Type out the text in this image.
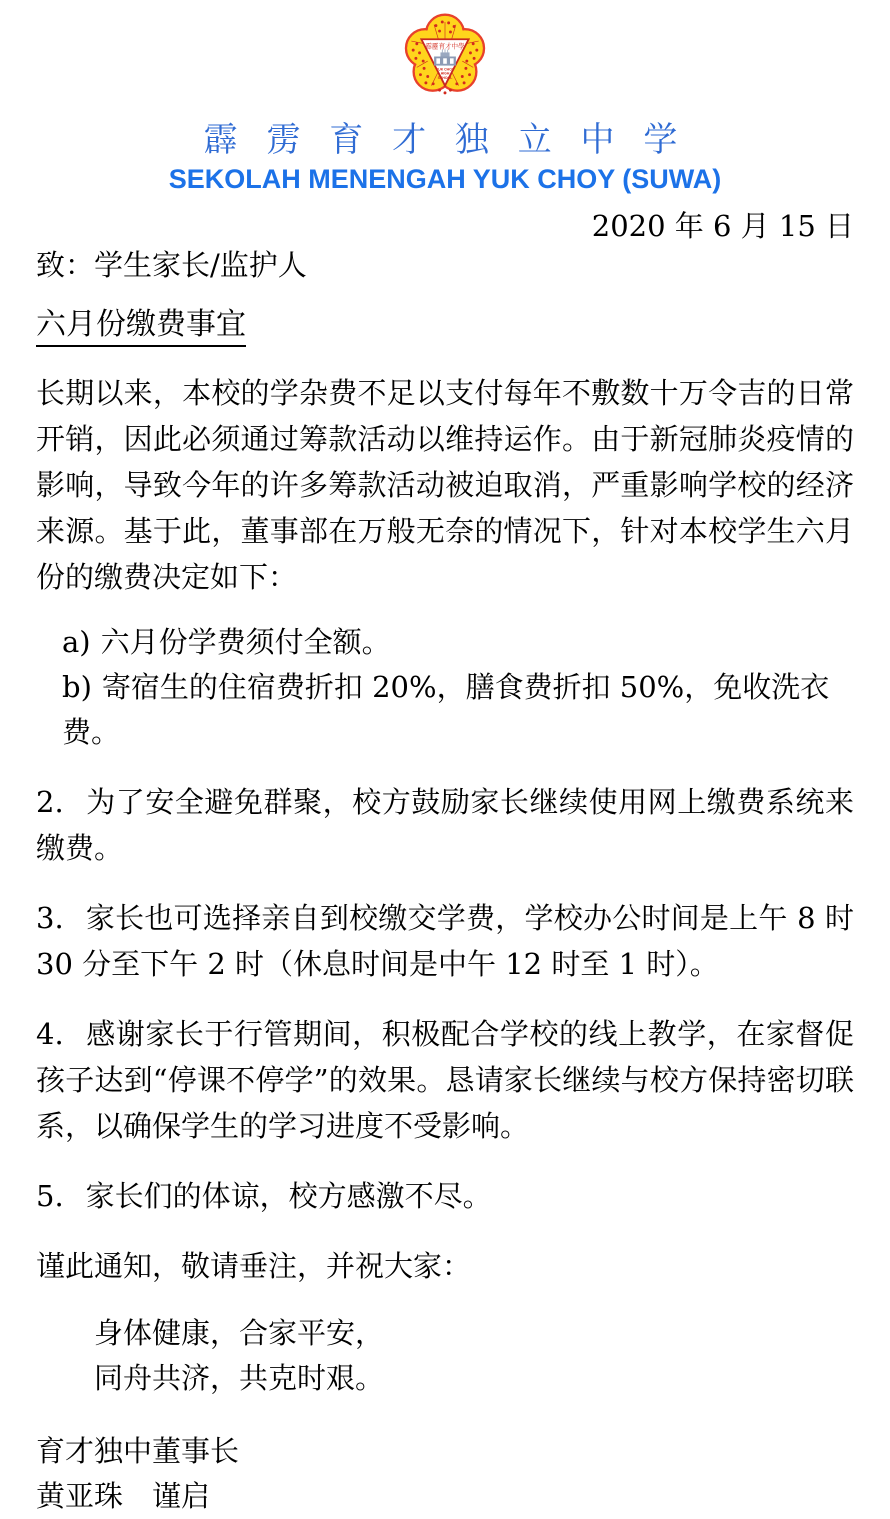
霹靂育才中學
YUK CHOY
HIGH
SCHOOL
霹 雳 育 才 独 立 中 学
SEKOLAH MENENGAH YUK CHOY (SUWA)
2020 年 6 月 15 日
致：学生家长/监护人
六月份缴费事宜

长期以来，本校的学杂费不足以支付每年不敷数十万令吉的日常开销，因此必须通过筹款活动以维持运作。由于新冠肺炎疫情的影响，导致今年的许多筹款活动被迫取消，严重影响学校的经济来源。基于此，董事部在万般无奈的情况下，针对本校学生六月份的缴费决定如下：

a) 六月份学费须付全额。
b) 寄宿生的住宿费折扣 20%，膳食费折扣 50%，免收洗衣费。

2. 为了安全避免群聚，校方鼓励家长继续使用网上缴费系统来缴费。

3. 家长也可选择亲自到校缴交学费，学校办公时间是上午 8 时 30 分至下午 2 时（休息时间是中午 12 时至 1 时）。

4. 感谢家长于行管期间，积极配合学校的线上教学，在家督促孩子达到“停课不停学”的效果。恳请家长继续与校方保持密切联系，以确保学生的学习进度不受影响。

5. 家长们的体谅，校方感激不尽。

谨此通知，敬请垂注，并祝大家：

身体健康，合家平安，
同舟共济，共克时艰。
育才独中董事长
黄亚珠　谨启
